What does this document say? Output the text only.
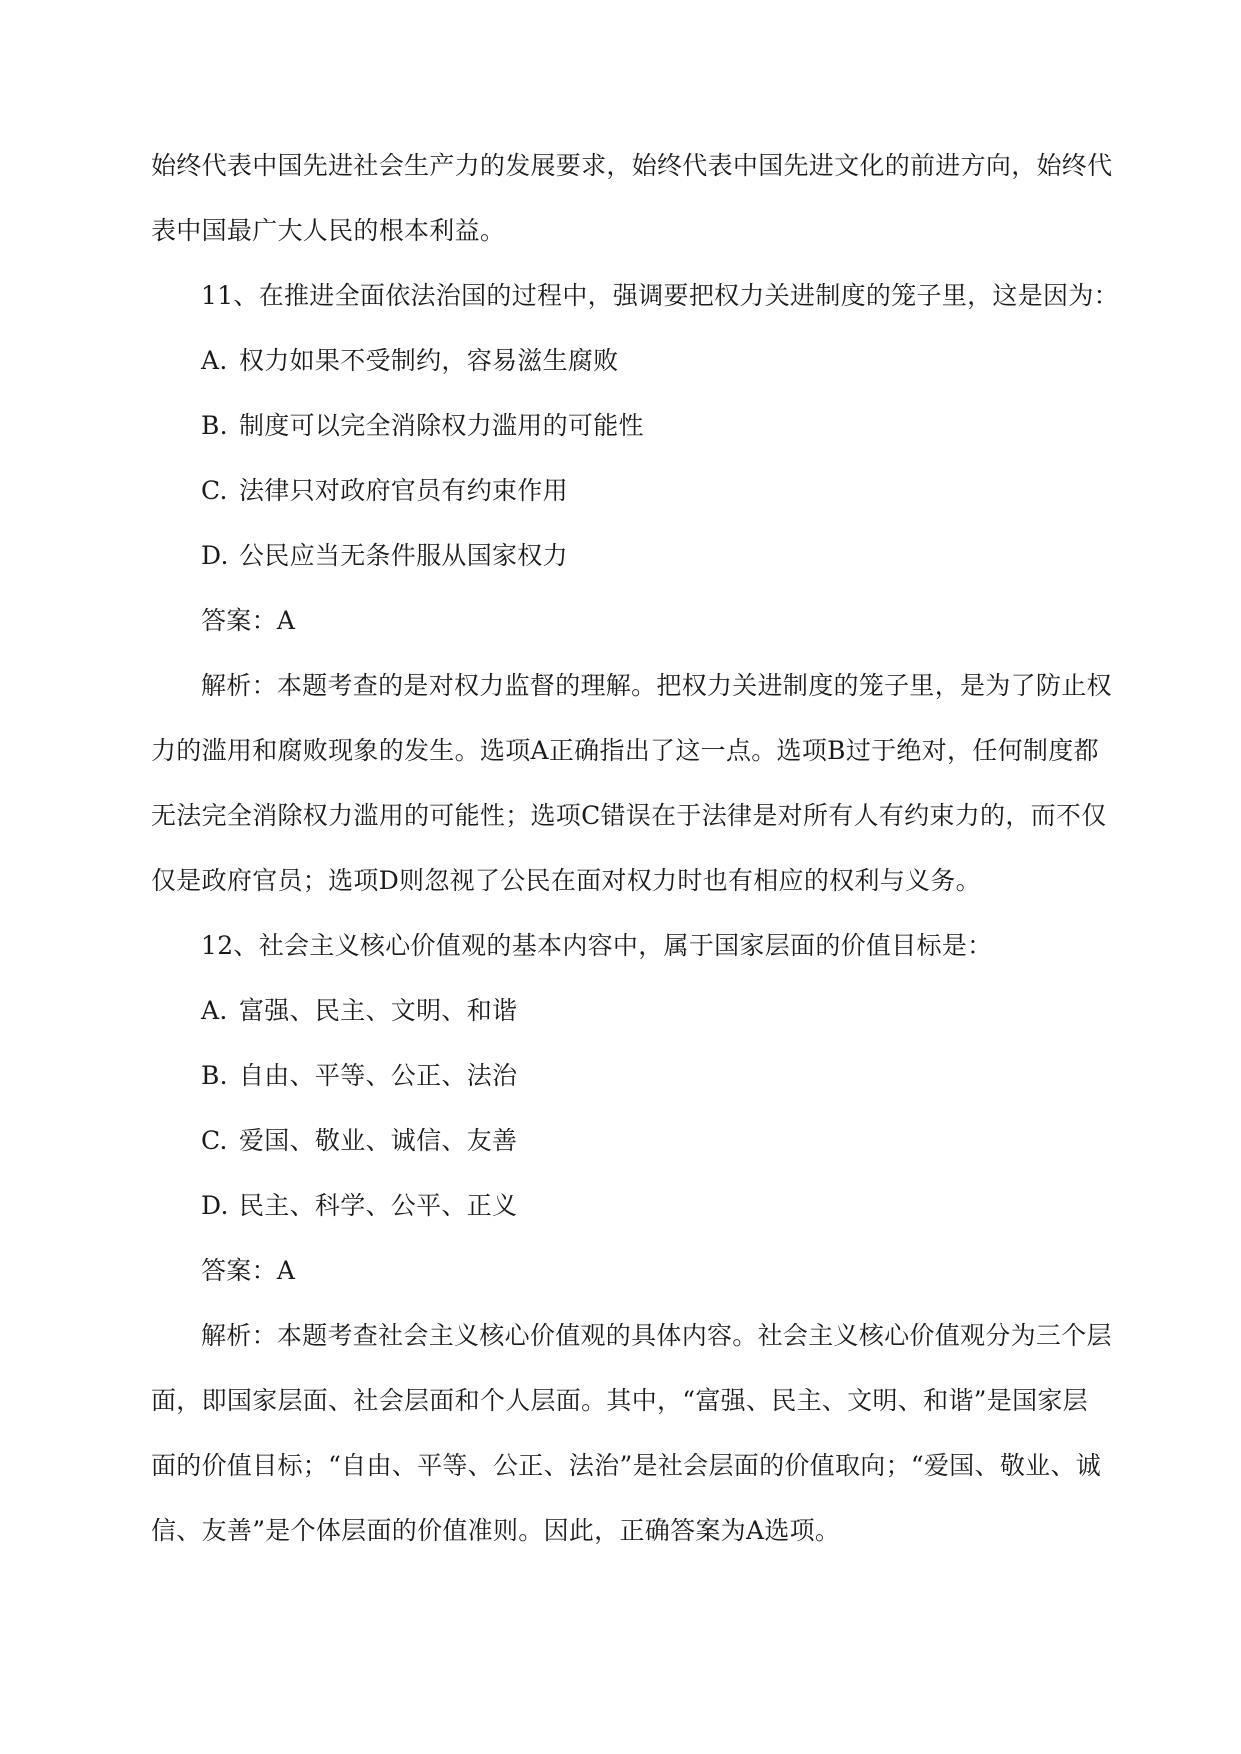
始终代表中国先进社会生产力的发展要求，始终代表中国先进文化的前进方向，始终代
表中国最广大人民的根本利益。
11、在推进全面依法治国的过程中，强调要把权力关进制度的笼子里，这是因为：
A. 权力如果不受制约，容易滋生腐败
B. 制度可以完全消除权力滥用的可能性
C. 法律只对政府官员有约束作用
D. 公民应当无条件服从国家权力
答案：A
解析：本题考查的是对权力监督的理解。把权力关进制度的笼子里，是为了防止权
力的滥用和腐败现象的发生。选项A正确指出了这一点。选项B过于绝对，任何制度都
无法完全消除权力滥用的可能性；选项C错误在于法律是对所有人有约束力的，而不仅
仅是政府官员；选项D则忽视了公民在面对权力时也有相应的权利与义务。
12、社会主义核心价值观的基本内容中，属于国家层面的价值目标是：
A. 富强、民主、文明、和谐
B. 自由、平等、公正、法治
C. 爱国、敬业、诚信、友善
D. 民主、科学、公平、正义
答案：A
解析：本题考查社会主义核心价值观的具体内容。社会主义核心价值观分为三个层
面，即国家层面、社会层面和个人层面。其中，“富强、民主、文明、和谐”是国家层
面的价值目标；“自由、平等、公正、法治”是社会层面的价值取向；“爱国、敬业、诚
信、友善”是个体层面的价值准则。因此，正确答案为A选项。
